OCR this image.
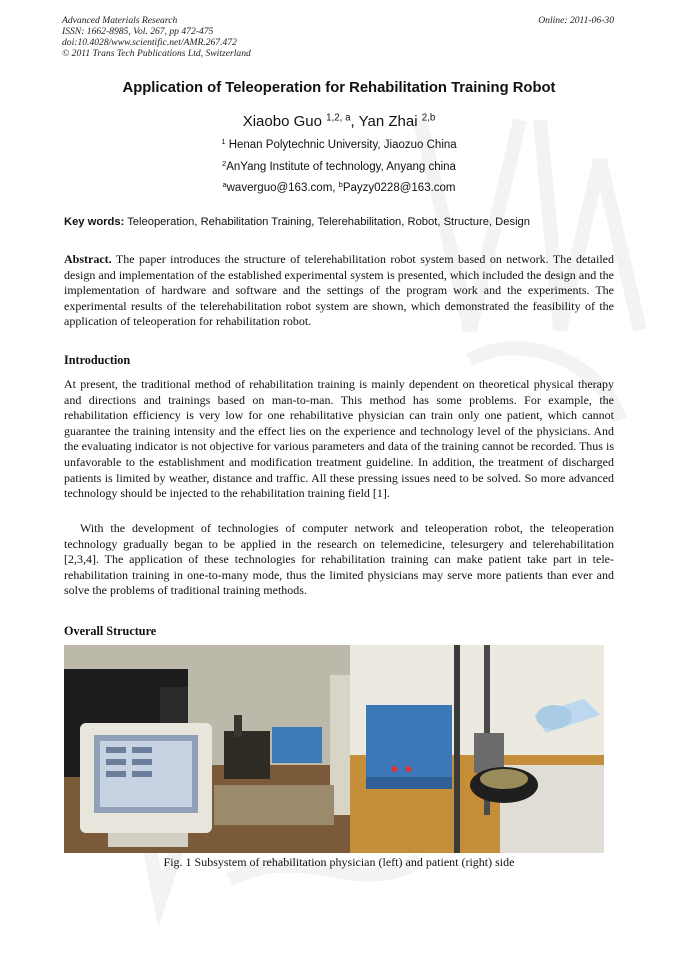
Advanced Materials Research
ISSN: 1662-8985, Vol. 267, pp 472-475
doi:10.4028/www.scientific.net/AMR.267.472
© 2011 Trans Tech Publications Ltd, Switzerland
Online: 2011-06-30
Application of Teleoperation for Rehabilitation Training Robot
Xiaobo Guo $^{1,2, a}$, Yan Zhai $^{2,b}$
$^1$ Henan Polytechnic University, Jiaozuo China
$^2$AnYang Institute of technology, Anyang china
$^a$waverguo@163.com, $^b$Payzy0228@163.com
Key words: Teleoperation, Rehabilitation Training, Telerehabilitation, Robot, Structure, Design
Abstract. The paper introduces the structure of telerehabilitation robot system based on network. The detailed design and implementation of the established experimental system is presented, which included the design and the implementation of hardware and software and the settings of the program work and the experiments. The experimental results of the telerehabilitation robot system are shown, which demonstrated the feasibility of the application of teleoperation for rehabilitation robot.
Introduction
At present, the traditional method of rehabilitation training is mainly dependent on theoretical physical therapy and directions and trainings based on man-to-man. This method has some problems. For example, the rehabilitation efficiency is very low for one rehabilitative physician can train only one patient, which cannot guarantee the training intensity and the effect lies on the experience and technology level of the physicians. And the evaluating indicator is not objective for various parameters and data of the training cannot be recorded. Thus is unfavorable to the establishment and modification treatment guideline. In addition, the treatment of discharged patients is limited by weather, distance and traffic. All these pressing issues need to be solved. So more advanced technology should be injected to the rehabilitation training field [1].
With the development of technologies of computer network and teleoperation robot, the teleoperation technology gradually began to be applied in the research on telemedicine, telesurgery and telerehabilitation [2,3,4]. The application of these technologies for rehabilitation training can make patient take part in tele-rehabilitation training in one-to-many mode, thus the limited physicians may serve more patients than ever and solve the problems of traditional training methods.
Overall Structure
Fig. 1 Subsystem of rehabilitation physician (left) and patient (right) side
